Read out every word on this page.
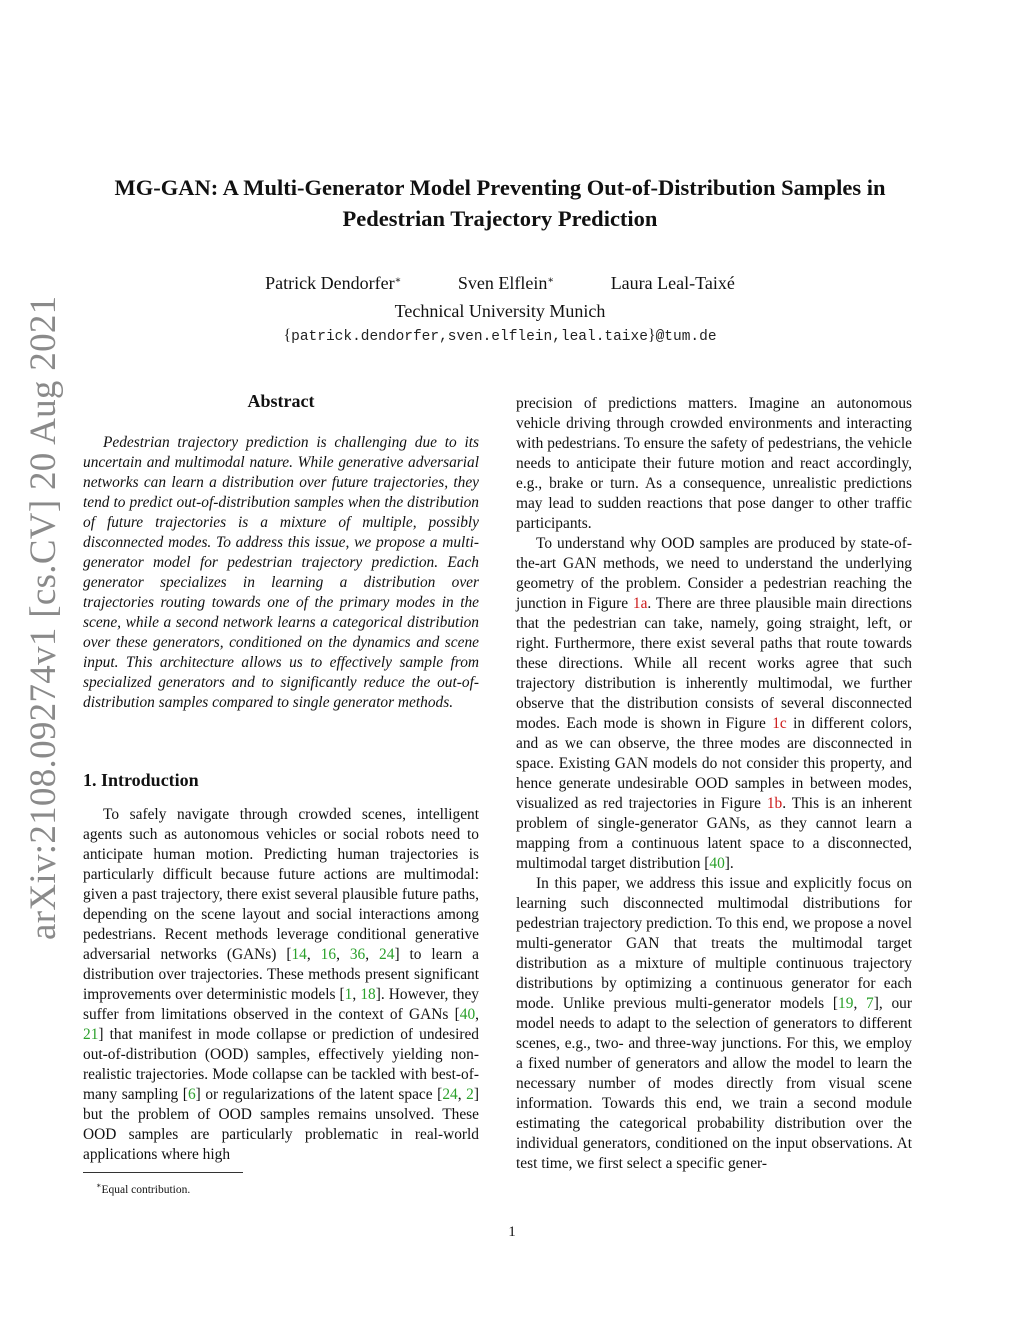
arXiv:2108.09274v1 [cs.CV] 20 Aug 2021
MG-GAN: A Multi-Generator Model Preventing Out-of-Distribution Samples in
Pedestrian Trajectory Prediction
Patrick Dendorfer∗	Sven Elflein∗	Laura Leal-Taixé
Technical University Munich
{patrick.dendorfer,sven.elflein,leal.taixe}@tum.de
Abstract

Pedestrian trajectory prediction is challenging due to its uncertain and multimodal nature. While generative adversarial networks can learn a distribution over future trajectories, they tend to predict out-of-distribution samples when the distribution of future trajectories is a mixture of multiple, possibly disconnected modes. To address this issue, we propose a multi-generator model for pedestrian trajectory prediction. Each generator specializes in learning a distribution over trajectories routing towards one of the primary modes in the scene, while a second network learns a categorical distribution over these generators, conditioned on the dynamics and scene input. This architecture allows us to effectively sample from specialized generators and to significantly reduce the out-of-distribution samples compared to single generator methods.

1. Introduction

To safely navigate through crowded scenes, intelligent agents such as autonomous vehicles or social robots need to anticipate human motion. Predicting human trajectories is particularly difficult because future actions are multimodal: given a past trajectory, there exist several plausible future paths, depending on the scene layout and social interactions among pedestrians. Recent methods leverage conditional generative adversarial networks (GANs) [14, 16, 36, 24] to learn a distribution over trajectories. These methods present significant improvements over deterministic models [1, 18]. However, they suffer from limitations observed in the context of GANs [40, 21] that manifest in mode collapse or prediction of undesired out-of-distribution (OOD) samples, effectively yielding non-realistic trajectories. Mode collapse can be tackled with best-of-many sampling [6] or regularizations of the latent space [24, 2] but the problem of OOD samples remains unsolved. These OOD samples are particularly problematic in real-world applications where high

precision of predictions matters. Imagine an autonomous vehicle driving through crowded environments and interacting with pedestrians. To ensure the safety of pedestrians, the vehicle needs to anticipate their future motion and react accordingly, e.g., brake or turn. As a consequence, unrealistic predictions may lead to sudden reactions that pose danger to other traffic participants.

To understand why OOD samples are produced by state-of-the-art GAN methods, we need to understand the underlying geometry of the problem. Consider a pedestrian reaching the junction in Figure 1a. There are three plausible main directions that the pedestrian can take, namely, going straight, left, or right. Furthermore, there exist several paths that route towards these directions. While all recent works agree that such trajectory distribution is inherently multimodal, we further observe that the distribution consists of several disconnected modes. Each mode is shown in Figure 1c in different colors, and as we can observe, the three modes are disconnected in space. Existing GAN models do not consider this property, and hence generate undesirable OOD samples in between modes, visualized as red trajectories in Figure 1b. This is an inherent problem of single-generator GANs, as they cannot learn a mapping from a continuous latent space to a disconnected, multimodal target distribution [40].

In this paper, we address this issue and explicitly focus on learning such disconnected multimodal distributions for pedestrian trajectory prediction. To this end, we propose a novel multi-generator GAN that treats the multimodal target distribution as a mixture of multiple continuous trajectory distributions by optimizing a continuous generator for each mode. Unlike previous multi-generator models [19, 7], our model needs to adapt to the selection of generators to different scenes, e.g., two- and three-way junctions. For this, we employ a fixed number of generators and allow the model to learn the necessary number of modes directly from visual scene information. Towards this end, we train a second module estimating the categorical probability distribution over the individual generators, conditioned on the input observations. At test time, we first select a specific gener-

∗Equal contribution.
1
